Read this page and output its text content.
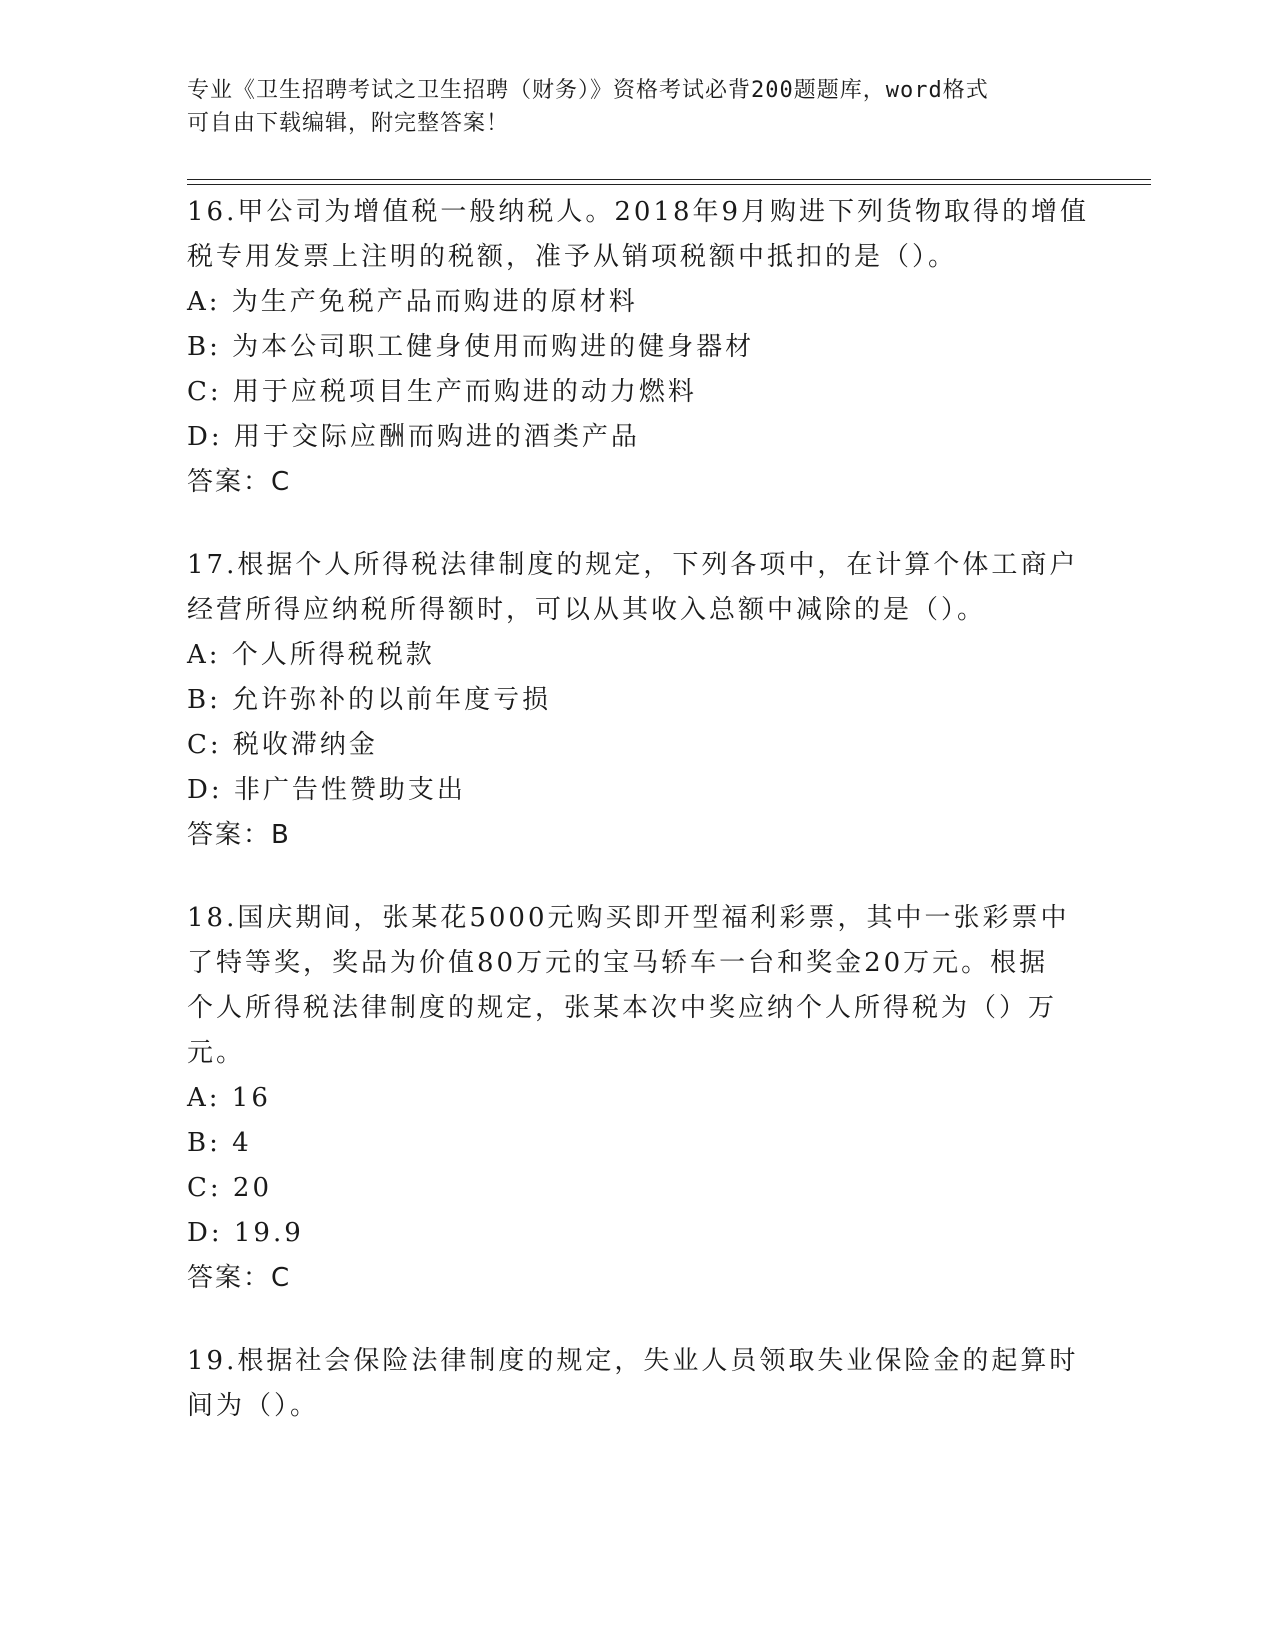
专业《卫生招聘考试之卫生招聘（财务）》资格考试必背200题题库，word格式
可自由下载编辑，附完整答案！
16.甲公司为增值税一般纳税人。2018年9月购进下列货物取得的增值
税专用发票上注明的税额，准予从销项税额中抵扣的是（）。
A: 为生产免税产品而购进的原材料
B: 为本公司职工健身使用而购进的健身器材
C: 用于应税项目生产而购进的动力燃料
D: 用于交际应酬而购进的酒类产品
答案：C
17.根据个人所得税法律制度的规定，下列各项中，在计算个体工商户
经营所得应纳税所得额时，可以从其收入总额中减除的是（）。
A: 个人所得税税款
B: 允许弥补的以前年度亏损
C: 税收滞纳金
D: 非广告性赞助支出
答案：B
18.国庆期间，张某花5000元购买即开型福利彩票，其中一张彩票中
了特等奖，奖品为价值80万元的宝马轿车一台和奖金20万元。根据
个人所得税法律制度的规定，张某本次中奖应纳个人所得税为（）万
元。
A: 16
B: 4
C: 20
D: 19.9
答案：C
19.根据社会保险法律制度的规定，失业人员领取失业保险金的起算时
间为（）。
